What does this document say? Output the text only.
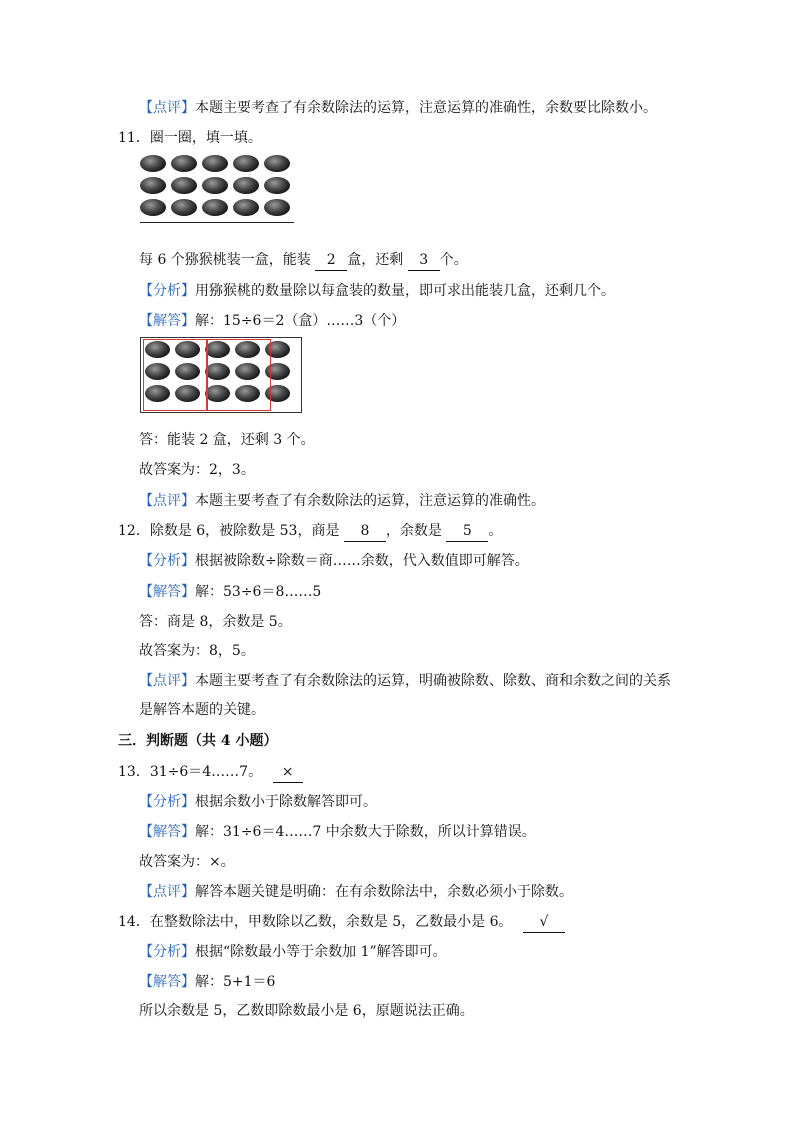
【点评】本题主要考查了有余数除法的运算，注意运算的准确性，余数要比除数小。
11．圈一圈，填一填。
每 6 个猕猴桃装一盒，能装 2 盒，还剩 3 个。
【分析】用猕猴桃的数量除以每盒装的数量，即可求出能装几盒，还剩几个。
【解答】解：15÷6＝2（盒）……3（个）
答：能装 2 盒，还剩 3 个。
故答案为：2，3。
【点评】本题主要考查了有余数除法的运算，注意运算的准确性。
12．除数是 6，被除数是 53，商是 8 ，余数是 5 。
【分析】根据被除数÷除数＝商……余数，代入数值即可解答。
【解答】解：53÷6＝8……5
答：商是 8，余数是 5。
故答案为：8，5。
【点评】本题主要考查了有余数除法的运算，明确被除数、除数、商和余数之间的关系
是解答本题的关键。
三．判断题（共 4 小题）
13．31÷6＝4……7。 ×
【分析】根据余数小于除数解答即可。
【解答】解：31÷6＝4……7 中余数大于除数，所以计算错误。
故答案为：×。
【点评】解答本题关键是明确：在有余数除法中，余数必须小于除数。
14．在整数除法中，甲数除以乙数，余数是 5，乙数最小是 6。 √
【分析】根据“除数最小等于余数加 1”解答即可。
【解答】解：5+1＝6
所以余数是 5，乙数即除数最小是 6，原题说法正确。
